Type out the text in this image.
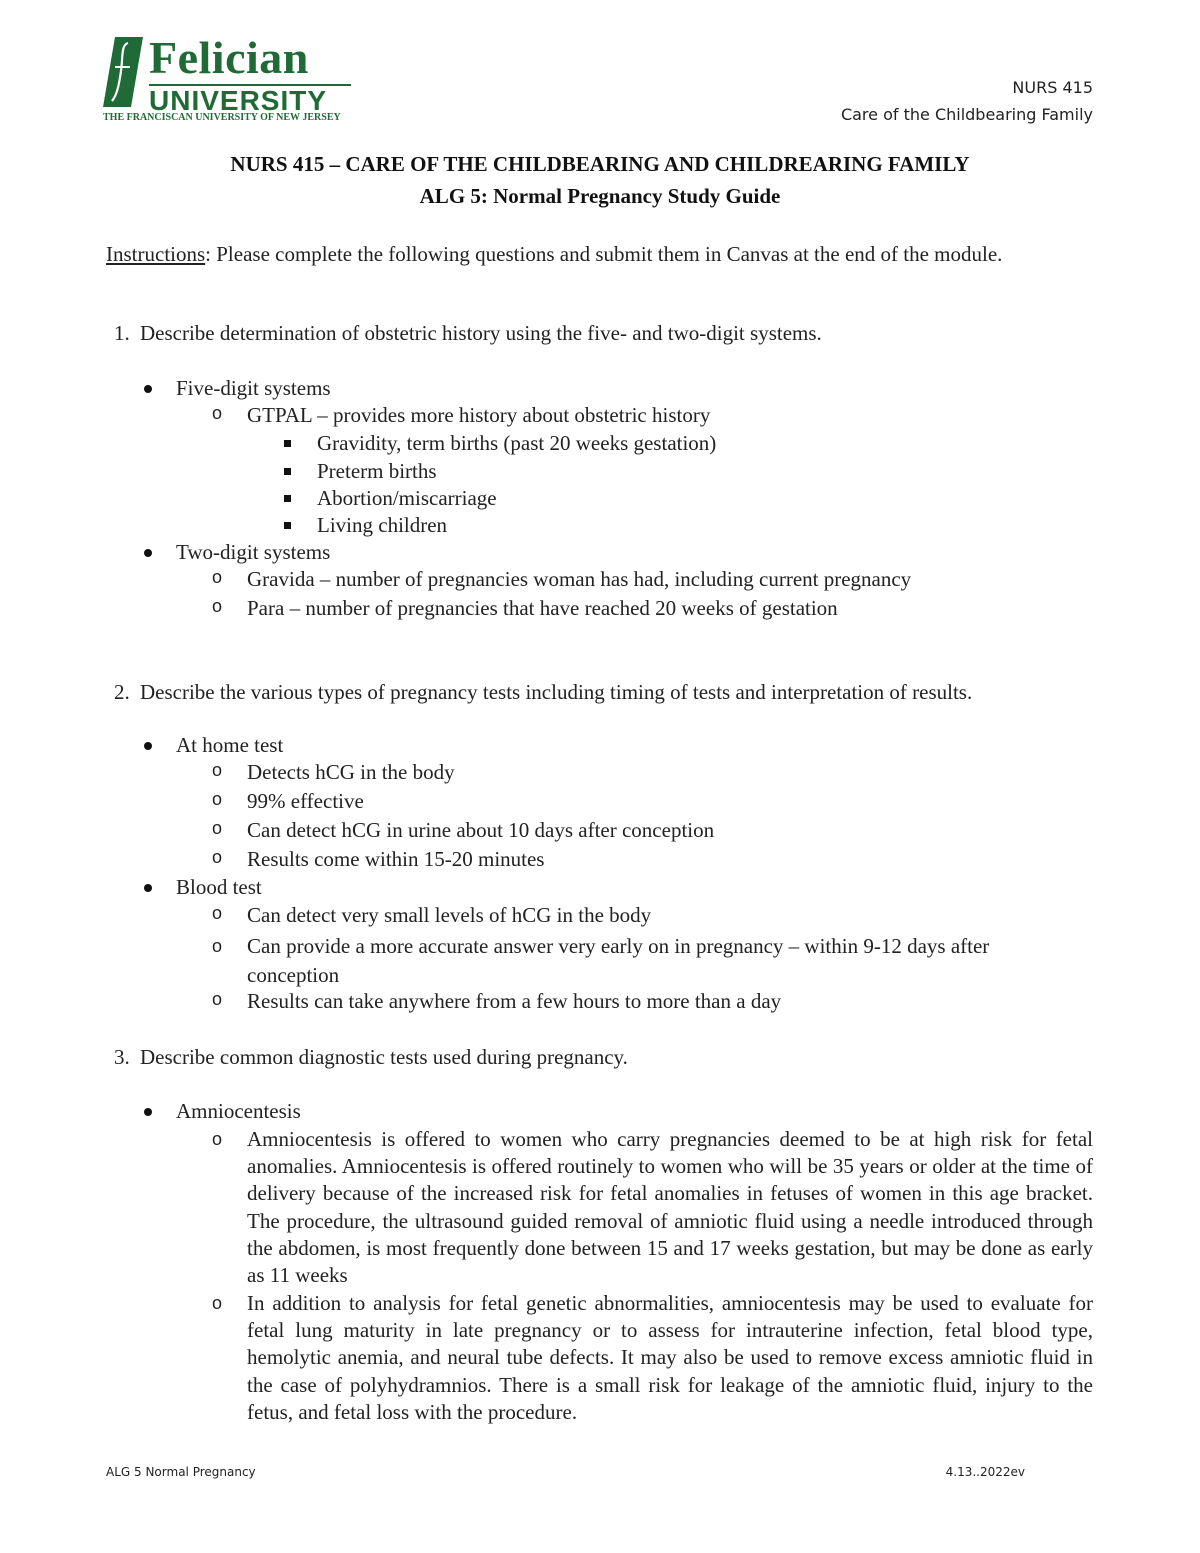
Felician
UNIVERSITY
THE FRANCISCAN UNIVERSITY OF NEW JERSEY
NURS 415
Care of the Childbearing Family
NURS 415 – CARE OF THE CHILDBEARING AND CHILDREARING FAMILY
ALG 5: Normal Pregnancy Study Guide
Instructions: Please complete the following questions and submit them in Canvas at the end of the module.
1. Describe determination of obstetric history using the five- and two-digit systems.
Five-digit systems
o GTPAL – provides more history about obstetric history
Gravidity, term births (past 20 weeks gestation)
Preterm births
Abortion/miscarriage
Living children
Two-digit systems
o Gravida – number of pregnancies woman has had, including current pregnancy
o Para – number of pregnancies that have reached 20 weeks of gestation
2. Describe the various types of pregnancy tests including timing of tests and interpretation of results.
At home test
o Detects hCG in the body
o 99% effective
o Can detect hCG in urine about 10 days after conception
o Results come within 15-20 minutes
Blood test
o Can detect very small levels of hCG in the body
o Can provide a more accurate answer very early on in pregnancy – within 9-12 days after conception
o Results can take anywhere from a few hours to more than a day
3. Describe common diagnostic tests used during pregnancy.
Amniocentesis
o Amniocentesis is offered to women who carry pregnancies deemed to be at high risk for fetal anomalies. Amniocentesis is offered routinely to women who will be 35 years or older at the time of delivery because of the increased risk for fetal anomalies in fetuses of women in this age bracket. The procedure, the ultrasound guided removal of amniotic fluid using a needle introduced through the abdomen, is most frequently done between 15 and 17 weeks gestation, but may be done as early as 11 weeks
o In addition to analysis for fetal genetic abnormalities, amniocentesis may be used to evaluate for fetal lung maturity in late pregnancy or to assess for intrauterine infection, fetal blood type, hemolytic anemia, and neural tube defects. It may also be used to remove excess amniotic fluid in the case of polyhydramnios. There is a small risk for leakage of the amniotic fluid, injury to the fetus, and fetal loss with the procedure.
ALG 5 Normal Pregnancy	4.13..2022ev
